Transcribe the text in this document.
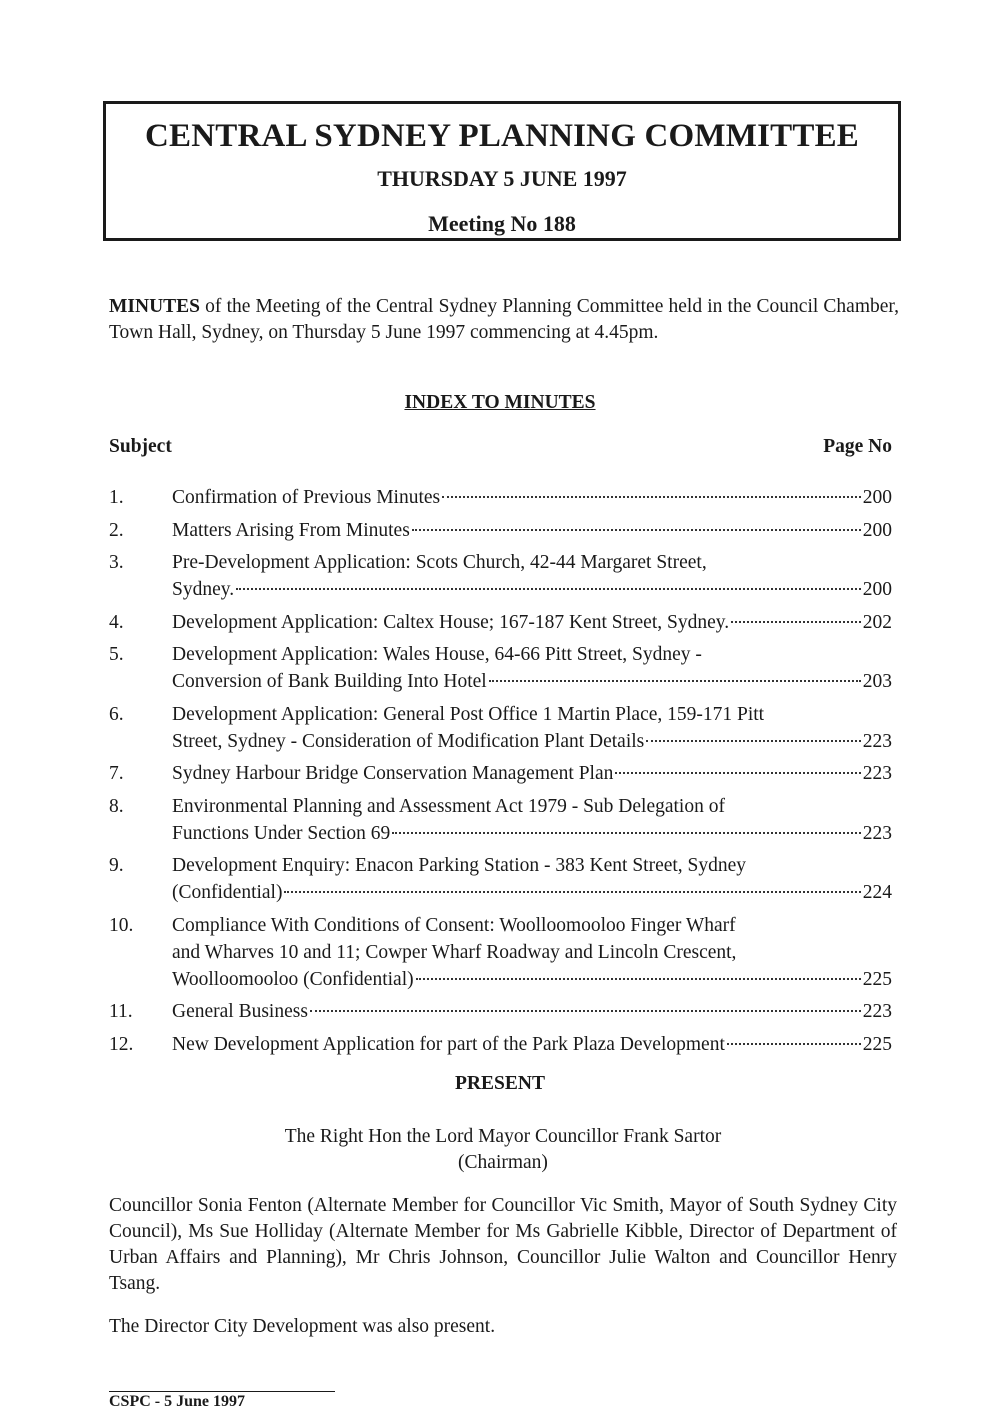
CENTRAL SYDNEY PLANNING COMMITTEE
THURSDAY 5 JUNE 1997
Meeting No 188
MINUTES of the Meeting of the Central Sydney Planning Committee held in the Council Chamber, Town Hall, Sydney, on Thursday 5 June 1997 commencing at 4.45pm.
INDEX TO MINUTES
Subject	Page No
1.	Confirmation of Previous Minutes	200
2.	Matters Arising From Minutes	200
3.	Pre-Development Application: Scots Church, 42-44 Margaret Street,
Sydney.	200
4.	Development Application: Caltex House; 167-187 Kent Street, Sydney.	202
5.	Development Application: Wales House, 64-66 Pitt Street, Sydney -
Conversion of Bank Building Into Hotel	203
6.	Development Application: General Post Office 1 Martin Place, 159-171 Pitt
Street, Sydney - Consideration of Modification Plant Details	223
7.	Sydney Harbour Bridge Conservation Management Plan	223
8.	Environmental Planning and Assessment Act 1979 - Sub Delegation of
Functions Under Section 69	223
9.	Development Enquiry: Enacon Parking Station - 383 Kent Street, Sydney
(Confidential)	224
10.	Compliance With Conditions of Consent: Woolloomooloo Finger Wharf
and Wharves 10 and 11; Cowper Wharf Roadway and Lincoln Crescent,
Woolloomooloo (Confidential)	225
11.	General Business	223
12.	New Development Application for part of the Park Plaza Development	225
PRESENT
The Right Hon the Lord Mayor Councillor Frank Sartor
(Chairman)
Councillor Sonia Fenton (Alternate Member for Councillor Vic Smith, Mayor of South Sydney City Council), Ms Sue Holliday (Alternate Member for Ms Gabrielle Kibble, Director of Department of Urban Affairs and Planning), Mr Chris Johnson, Councillor Julie Walton and Councillor Henry Tsang.
The Director City Development was also present.
CSPC - 5 June 1997
